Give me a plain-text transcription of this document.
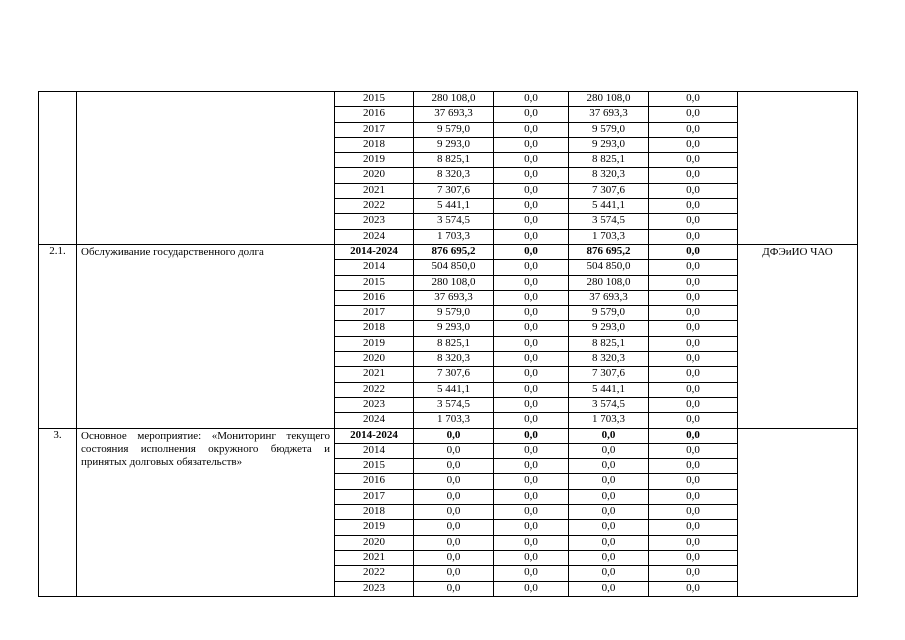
		2015	280 108,0	0,0	280 108,0	0,0	
		2016	37 693,3	0,0	37 693,3	0,0	
		2017	9 579,0	0,0	9 579,0	0,0	
		2018	9 293,0	0,0	9 293,0	0,0	
		2019	8 825,1	0,0	8 825,1	0,0	
		2020	8 320,3	0,0	8 320,3	0,0	
		2021	7 307,6	0,0	7 307,6	0,0	
		2022	5 441,1	0,0	5 441,1	0,0	
		2023	3 574,5	0,0	3 574,5	0,0	
		2024	1 703,3	0,0	1 703,3	0,0	
2.1.	Обслуживание государственного долга	2014-2024	876 695,2	0,0	876 695,2	0,0	ДФЭиИО ЧАО
		2014	504 850,0	0,0	504 850,0	0,0	
		2015	280 108,0	0,0	280 108,0	0,0	
		2016	37 693,3	0,0	37 693,3	0,0	
		2017	9 579,0	0,0	9 579,0	0,0	
		2018	9 293,0	0,0	9 293,0	0,0	
		2019	8 825,1	0,0	8 825,1	0,0	
		2020	8 320,3	0,0	8 320,3	0,0	
		2021	7 307,6	0,0	7 307,6	0,0	
		2022	5 441,1	0,0	5 441,1	0,0	
		2023	3 574,5	0,0	3 574,5	0,0	
		2024	1 703,3	0,0	1 703,3	0,0	
3.	Основное мероприятие: «Мониторинг текущего состояния исполнения окружного бюджета и принятых долговых обязательств»	2014-2024	0,0	0,0	0,0	0,0	
		2014	0,0	0,0	0,0	0,0	
		2015	0,0	0,0	0,0	0,0	
		2016	0,0	0,0	0,0	0,0	
		2017	0,0	0,0	0,0	0,0	
		2018	0,0	0,0	0,0	0,0	
		2019	0,0	0,0	0,0	0,0	
		2020	0,0	0,0	0,0	0,0	
		2021	0,0	0,0	0,0	0,0	
		2022	0,0	0,0	0,0	0,0	
		2023	0,0	0,0	0,0	0,0	
